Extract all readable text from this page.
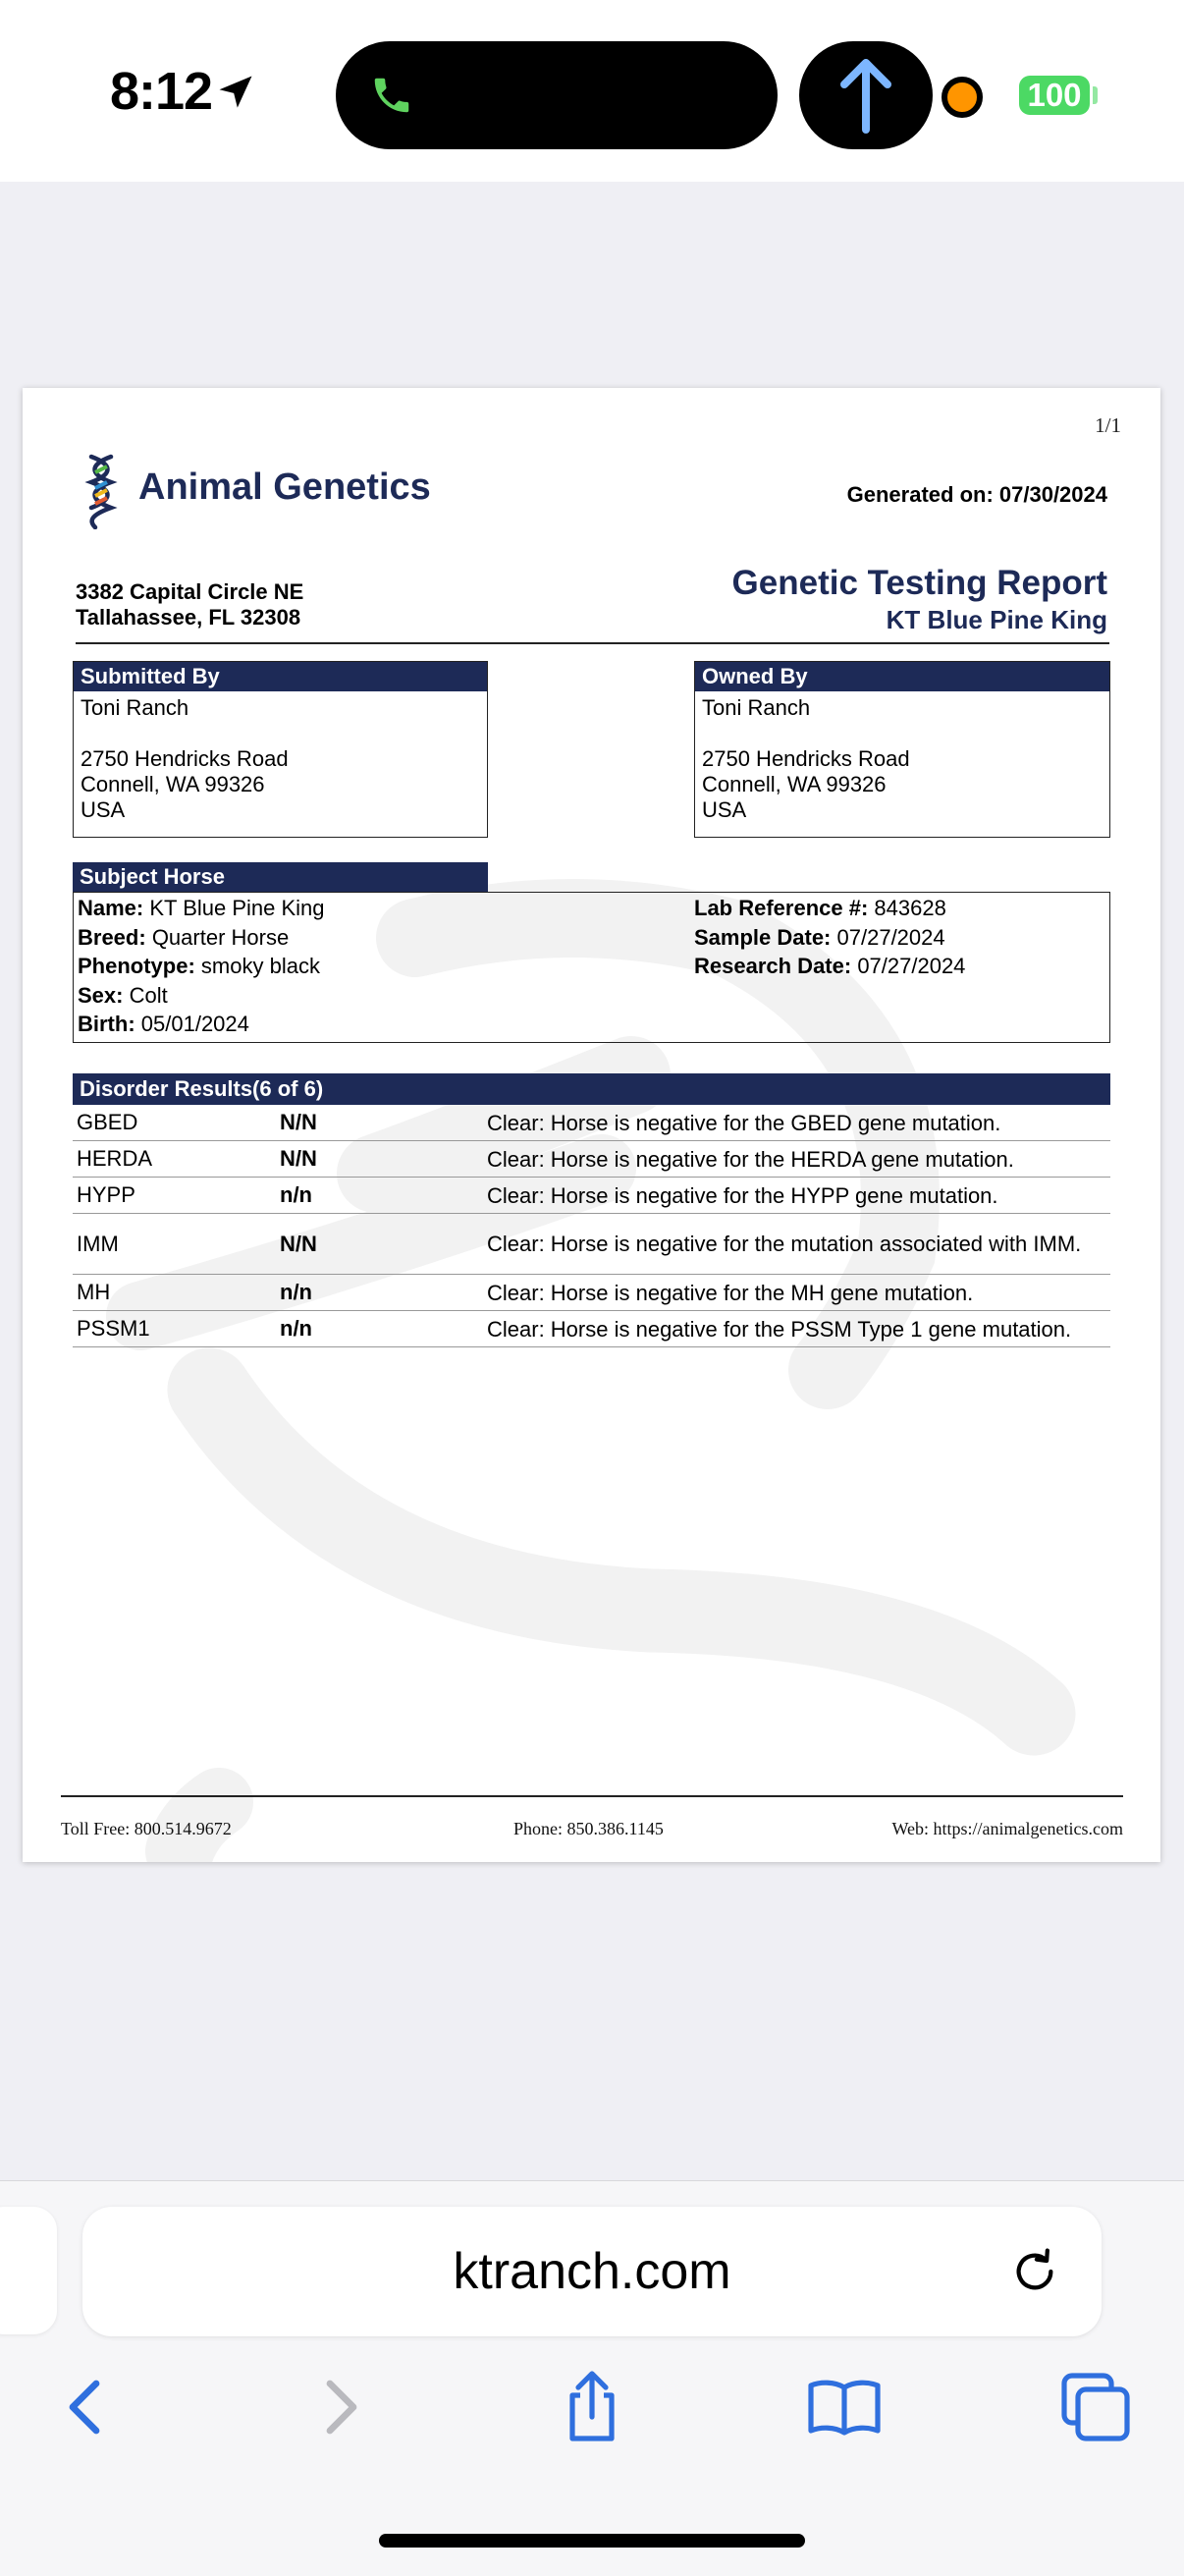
8:12	100
1/1
Animal Genetics	Generated on: 07/30/2024
3382 Capital Circle NE
Tallahassee, FL 32308
Genetic Testing Report
KT Blue Pine King
Submitted By
Toni Ranch
2750 Hendricks Road
Connell, WA 99326
USA
Owned By
Toni Ranch
2750 Hendricks Road
Connell, WA 99326
USA
Subject Horse
Name: KT Blue Pine King
Breed: Quarter Horse
Phenotype: smoky black
Sex: Colt
Birth: 05/01/2024
Lab Reference #: 843628
Sample Date: 07/27/2024
Research Date: 07/27/2024
Disorder Results(6 of 6)
GBED	N/N	Clear: Horse is negative for the GBED gene mutation.
HERDA	N/N	Clear: Horse is negative for the HERDA gene mutation.
HYPP	n/n	Clear: Horse is negative for the HYPP gene mutation.
IMM	N/N	Clear: Horse is negative for the mutation associated with IMM.
MH	n/n	Clear: Horse is negative for the MH gene mutation.
PSSM1	n/n	Clear: Horse is negative for the PSSM Type 1 gene mutation.
Toll Free: 800.514.9672	Phone: 850.386.1145	Web: https://animalgenetics.com
ktranch.com
